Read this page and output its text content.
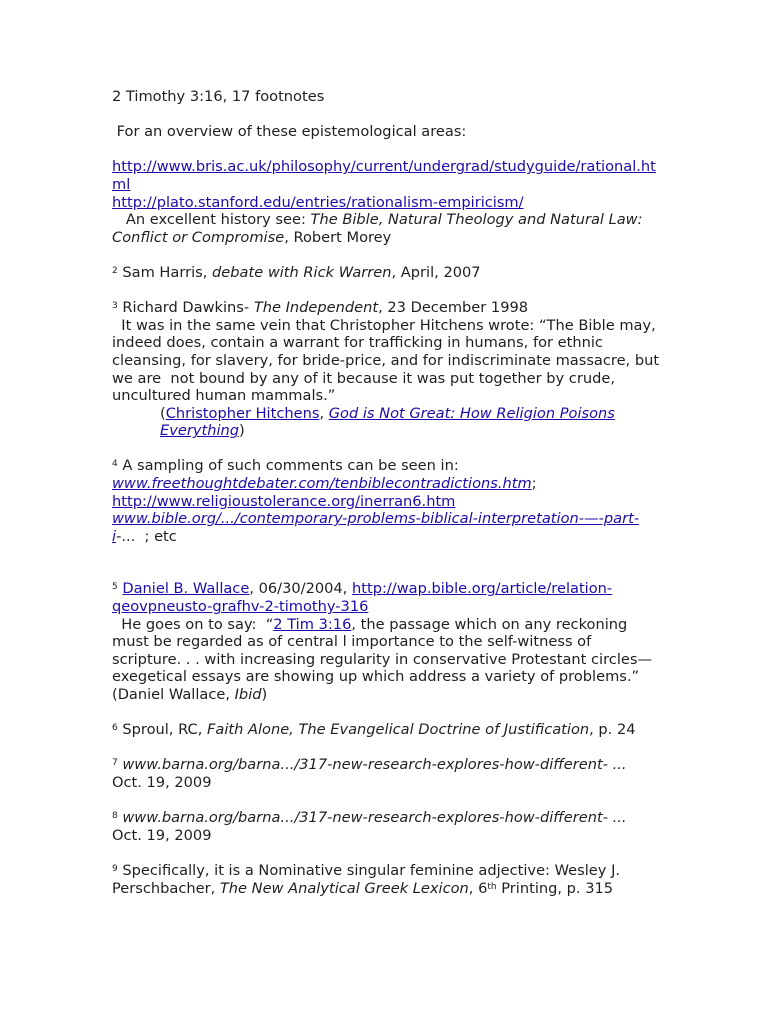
2 Timothy 3:16, 17 footnotes

For an overview of these epistemological areas:

http://www.bris.ac.uk/philosophy/current/undergrad/studyguide/rational.html

http://plato.stanford.edu/entries/rationalism-empiricism/

An excellent history see: The Bible, Natural Theology and Natural Law: Conflict or Compromise, Robert Morey

$^2$ Sam Harris, debate with Rick Warren, April, 2007

$^3$ Richard Dawkins- The Independent, 23 December 1998

It was in the same vein that Christopher Hitchens wrote: “The Bible may, indeed does, contain a warrant for trafficking in humans, for ethnic cleansing, for slavery, for bride-price, and for indiscriminate massacre, but we are  not bound by any of it because it was put together by crude, uncultured human mammals.”

(Christopher Hitchens, God is Not Great: How Religion Poisons Everything)

$^4$ A sampling of such comments can be seen in:

www.freethoughtdebater.com/tenbiblecontradictions.htm;

http://www.religioustolerance.org/inerran6.htm

www.bible.org/.../contemporary-problems-biblical-interpretation-—-part-i-...  ; etc

$^5$ Daniel B. Wallace, 06/30/2004, http://wap.bible.org/article/relation-qeovpneusto-grafhv-2-timothy-316

He goes on to say:  “2 Tim 3:16, the passage which on any reckoning must be regarded as of central l importance to the self-witness of scripture. . . with increasing regularity in conservative Protestant circles—exegetical essays are showing up which address a variety of problems.” (Daniel Wallace, Ibid)

$^6$ Sproul, RC, Faith Alone, The Evangelical Doctrine of Justification, p. 24

$^7$ www.barna.org/barna.../317-new-research-explores-how-different- ...

Oct. 19, 2009

$^8$ www.barna.org/barna.../317-new-research-explores-how-different- ...

Oct. 19, 2009

$^9$ Specifically, it is a Nominative singular feminine adjective: Wesley J. Perschbacher, The New Analytical Greek Lexicon, 6th Printing, p. 315
